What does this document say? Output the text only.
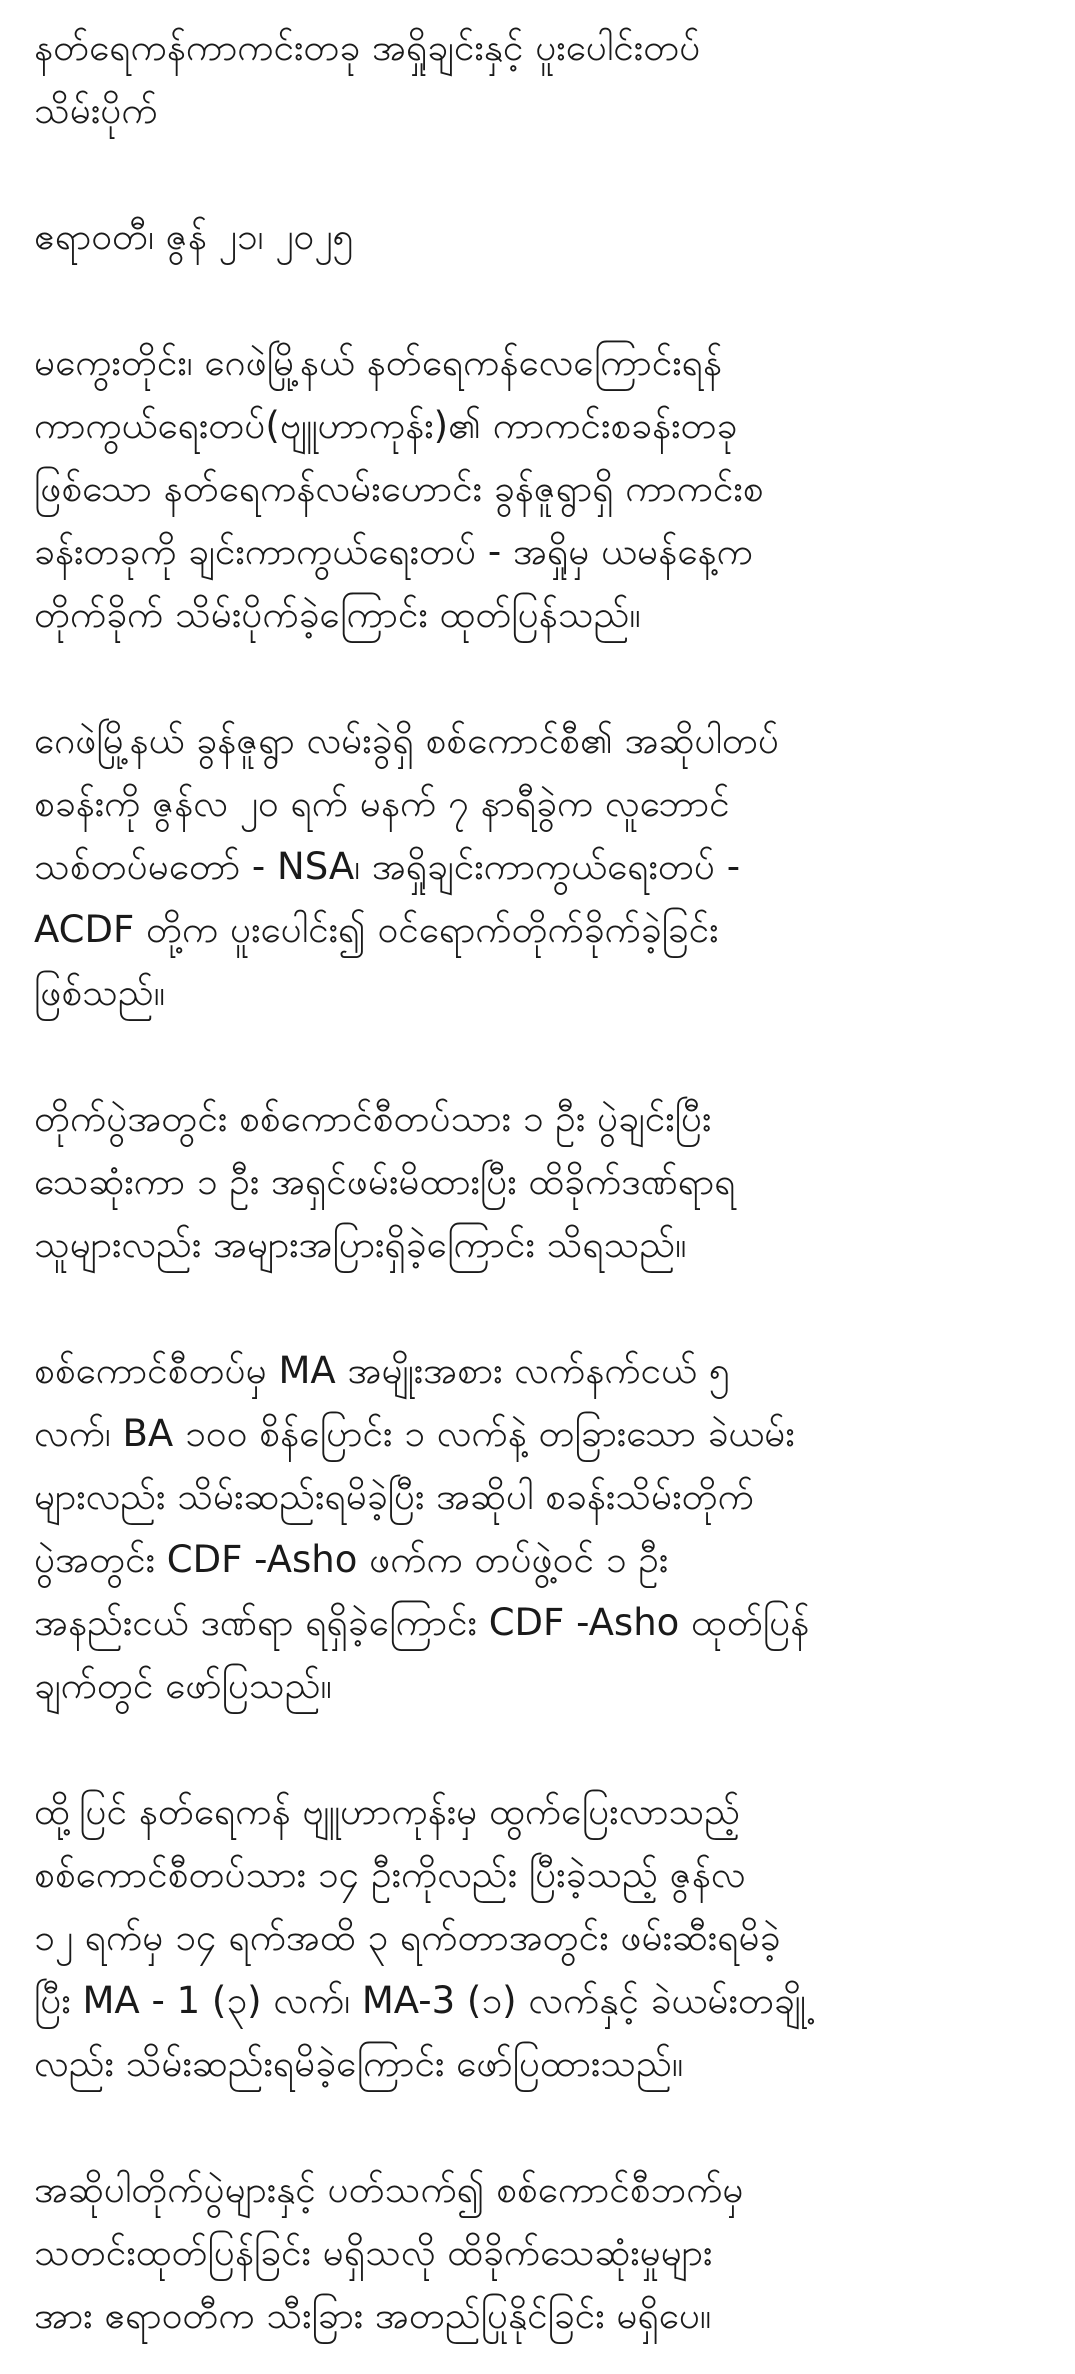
နတ်ရေကန်ကာကင်းတခု အရှိုချင်းနှင့် ပူးပေါင်းတပ်
သိမ်းပိုက်
ဧရာဝတီ၊ ဇွန် ၂၁၊ ၂၀၂၅
မကွေးတိုင်း၊ ဂေဖဲမြို့နယ် နတ်ရေကန်လေကြောင်းရန်
ကာကွယ်ရေးတပ်(ဗျူဟာကုန်း)၏ ကာကင်းစခန်းတခု
ဖြစ်သော နတ်ရေကန်လမ်းဟောင်း ခွန်ဇူရွာရှိ ကာကင်းစ
ခန်းတခုကို ချင်းကာကွယ်ရေးတပ် - အရှိုမှ ယမန်နေ့က
တိုက်ခိုက် သိမ်းပိုက်ခဲ့ကြောင်း ထုတ်ပြန်သည်။
ဂေဖဲမြို့နယ် ခွန်ဇူရွာ လမ်းခွဲရှိ စစ်ကောင်စီ၏ အဆိုပါတပ်
စခန်းကို ဇွန်လ ၂၀ ရက် မနက် ၇ နာရီခွဲက လူဘောင်
သစ်တပ်မတော် - NSA၊ အရှိုချင်းကာကွယ်ရေးတပ် -
ACDF တို့က ပူးပေါင်း၍ ဝင်ရောက်တိုက်ခိုက်ခဲ့ခြင်း
ဖြစ်သည်။
တိုက်ပွဲအတွင်း စစ်ကောင်စီတပ်သား ၁ ဦး ပွဲချင်းပြီး
သေဆုံးကာ ၁ ဦး အရှင်ဖမ်းမိထားပြီး ထိခိုက်ဒဏ်ရာရ
သူများလည်း အများအပြားရှိခဲ့ကြောင်း သိရသည်။
စစ်ကောင်စီတပ်မှ MA အမျိုးအစား လက်နက်ငယ် ၅
လက်၊ BA ၁၀၀ စိန်ပြောင်း ၁ လက်နဲ့ တခြားသော ခဲယမ်း
များလည်း သိမ်းဆည်းရမိခဲ့ပြီး အဆိုပါ စခန်းသိမ်းတိုက်
ပွဲအတွင်း CDF -Asho ဖက်က တပ်ဖွဲ့ဝင် ၁ ဦး
အနည်းငယ် ဒဏ်ရာ ရရှိခဲ့ကြောင်း CDF -Asho ထုတ်ပြန်
ချက်တွင် ဖော်ပြသည်။
ထို့ပြင် နတ်ရေကန် ဗျူဟာကုန်းမှ ထွက်ပြေးလာသည့်
စစ်ကောင်စီတပ်သား ၁၄ ဦးကိုလည်း ပြီးခဲ့သည့် ဇွန်လ
၁၂ ရက်မှ ၁၄ ရက်အထိ ၃ ရက်တာအတွင်း ဖမ်းဆီးရမိခဲ့
ပြီး MA - 1 (၃) လက်၊ MA-3 (၁) လက်နှင့် ခဲယမ်းတချို့
လည်း သိမ်းဆည်းရမိခဲ့ကြောင်း ဖော်ပြထားသည်။
အဆိုပါတိုက်ပွဲများနှင့် ပတ်သက်၍ စစ်ကောင်စီဘက်မှ
သတင်းထုတ်ပြန်ခြင်း မရှိသလို ထိခိုက်သေဆုံးမှုများ
အား ဧရာဝတီက သီးခြား အတည်ပြုနိုင်ခြင်း မရှိပေ။
